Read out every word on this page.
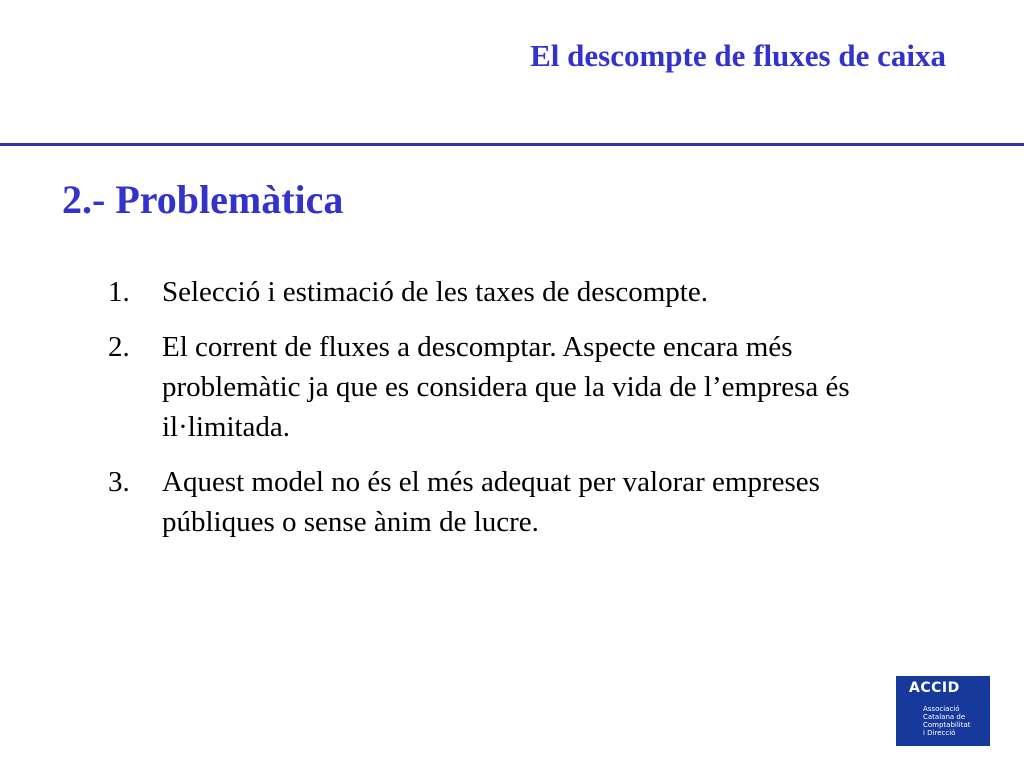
El descompte de fluxes de caixa
2.- Problemàtica
1.	Selecció i estimació de les taxes de descompte.
2.	El corrent de fluxes a descomptar. Aspecte encara més problemàtic ja que es considera que la vida de l’empresa és il·limitada.
3.	Aquest model no és el més adequat per valorar empreses públiques o sense ànim de lucre.
ACCID
Associació
Catalana de
Comptabilitat
i Direcció
